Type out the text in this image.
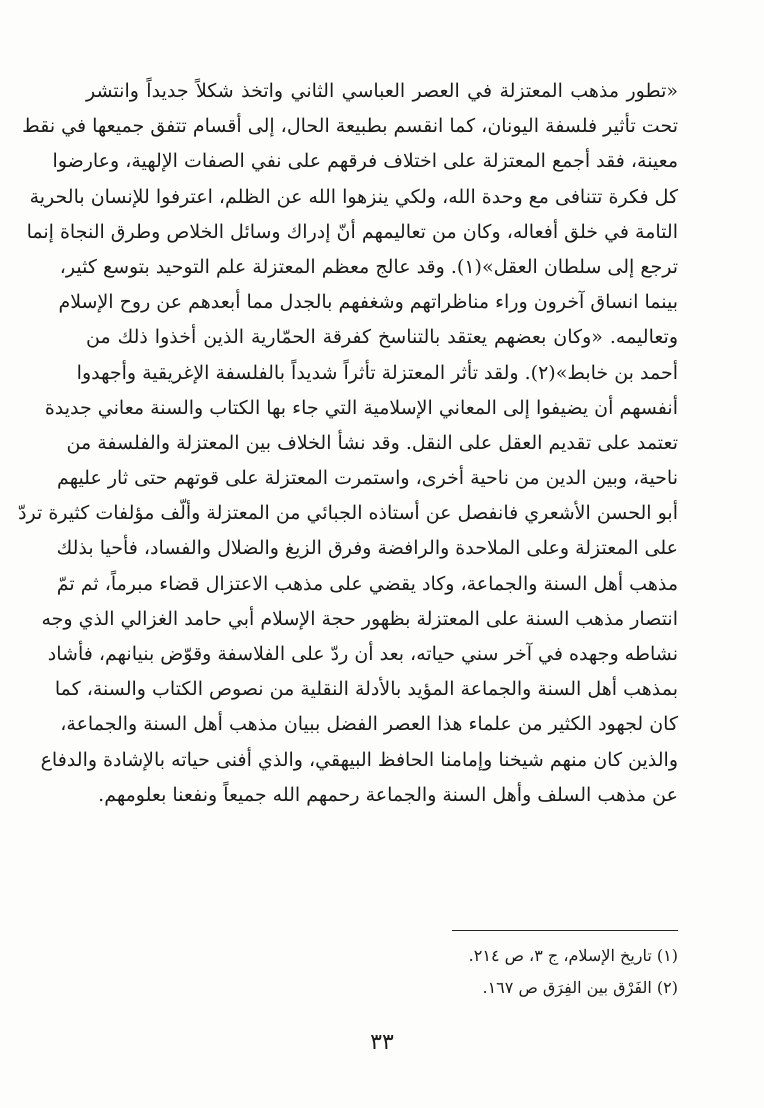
«تطور مذهب المعتزلة في العصر العباسي الثاني واتخذ شكلاً جديداً وانتشر
تحت تأثير فلسفة اليونان، كما انقسم بطبيعة الحال، إلى أقسام تتفق جميعها في نقط
معينة، فقد أجمع المعتزلة على اختلاف فرقهم على نفي الصفات الإلهية، وعارضوا
كل فكرة تتنافى مع وحدة الله، ولكي ينزهوا الله عن الظلم، اعترفوا للإنسان بالحرية
التامة في خلق أفعاله، وكان من تعاليمهم أنّ إدراك وسائل الخلاص وطرق النجاة إنما
ترجع إلى سلطان العقل»(١). وقد عالج معظم المعتزلة علم التوحيد بتوسع كثير،
بينما انساق آخرون وراء مناظراتهم وشغفهم بالجدل مما أبعدهم عن روح الإسلام
وتعاليمه. «وكان بعضهم يعتقد بالتناسخ كفرقة الحمّارية الذين أخذوا ذلك من
أحمد بن خابط»(٢). ولقد تأثر المعتزلة تأثراً شديداً بالفلسفة الإغريقية وأجهدوا
أنفسهم أن يضيفوا إلى المعاني الإسلامية التي جاء بها الكتاب والسنة معاني جديدة
تعتمد على تقديم العقل على النقل. وقد نشأ الخلاف بين المعتزلة والفلسفة من
ناحية، وبين الدين من ناحية أخرى، واستمرت المعتزلة على قوتهم حتى ثار عليهم
أبو الحسن الأشعري فانفصل عن أستاذه الجبائي من المعتزلة وألّف مؤلفات كثيرة تردّ
على المعتزلة وعلى الملاحدة والرافضة وفرق الزيغ والضلال والفساد، فأحيا بذلك
مذهب أهل السنة والجماعة، وكاد يقضي على مذهب الاعتزال قضاء مبرماً، ثم تمّ
انتصار مذهب السنة على المعتزلة بظهور حجة الإسلام أبي حامد الغزالي الذي وجه
نشاطه وجهده في آخر سني حياته، بعد أن ردّ على الفلاسفة وقوّض بنيانهم، فأشاد
بمذهب أهل السنة والجماعة المؤيد بالأدلة النقلية من نصوص الكتاب والسنة، كما
كان لجهود الكثير من علماء هذا العصر الفضل ببيان مذهب أهل السنة والجماعة،
والذين كان منهم شيخنا وإمامنا الحافظ البيهقي، والذي أفنى حياته بالإشادة والدفاع
عن مذهب السلف وأهل السنة والجماعة رحمهم الله جميعاً ونفعنا بعلومهم.
(١) تاريخ الإسلام، ج ٣، ص ٢١٤.
(٢) الفَرْق بين الفِرَق ص ١٦٧.
٣٣
